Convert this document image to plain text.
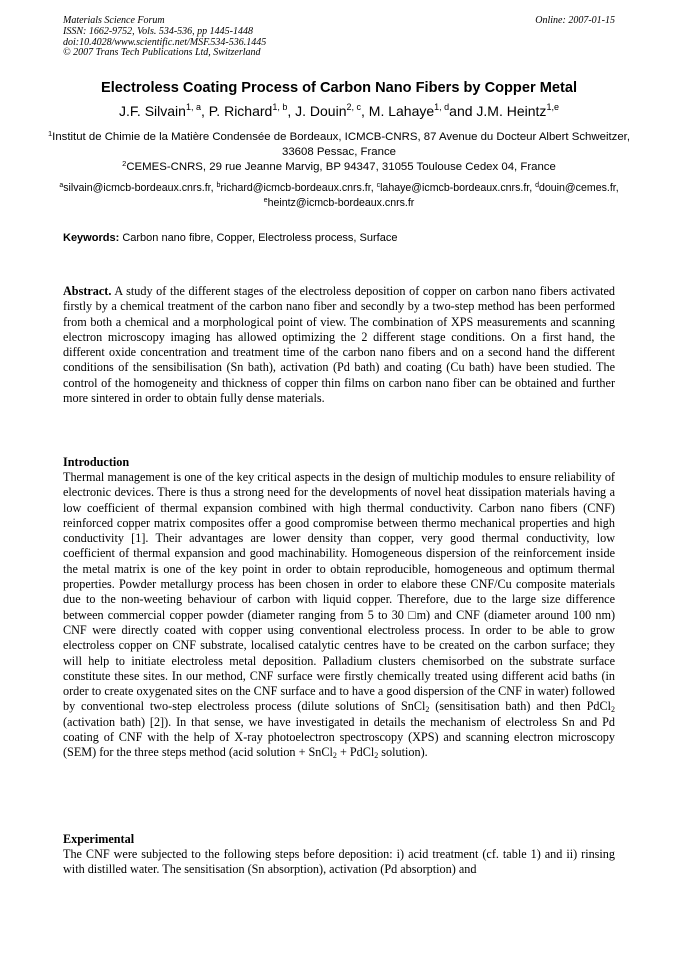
Materials Science Forum
ISSN: 1662-9752, Vols. 534-536, pp 1445-1448
doi:10.4028/www.scientific.net/MSF.534-536.1445
© 2007 Trans Tech Publications Ltd, Switzerland
Online: 2007-01-15
Electroless Coating Process of Carbon Nano Fibers by Copper Metal
J.F. Silvain$^{1, a}$, P. Richard$^{1, b}$, J. Douin$^{2, c}$, M. Lahaye$^{1, d}$and J.M. Heintz$^{1,e}$
$^1$Institut de Chimie de la Matière Condensée de Bordeaux, ICMCB-CNRS, 87 Avenue du Docteur Albert Schweitzer, 33608 Pessac, France
$^2$CEMES-CNRS, 29 rue Jeanne Marvig, BP 94347, 31055 Toulouse Cedex 04, France
$^a$silvain@icmcb-bordeaux.cnrs.fr, $^b$richard@icmcb-bordeaux.cnrs.fr, $^c$lahaye@icmcb-bordeaux.cnrs.fr, $^d$douin@cemes.fr, $^e$heintz@icmcb-bordeaux.cnrs.fr
Keywords: Carbon nano fibre, Copper, Electroless process, Surface
Abstract. A study of the different stages of the electroless deposition of copper on carbon nano fibers activated firstly by a chemical treatment of the carbon nano fiber and secondly by a two-step method has been performed from both a chemical and a morphological point of view. The combination of XPS measurements and scanning electron microscopy imaging has allowed optimizing the 2 different stage conditions. On a first hand, the different oxide concentration and treatment time of the carbon nano fibers and on a second hand the different conditions of the sensibilisation (Sn bath), activation (Pd bath) and coating (Cu bath) have been studied. The control of the homogeneity and thickness of copper thin films on carbon nano fiber can be obtained and further more sintered in order to obtain fully dense materials.
Introduction
Thermal management is one of the key critical aspects in the design of multichip modules to ensure reliability of electronic devices. There is thus a strong need for the developments of novel heat dissipation materials having a low coefficient of thermal expansion combined with high thermal conductivity. Carbon nano fibers (CNF) reinforced copper matrix composites offer a good compromise between thermo mechanical properties and high conductivity [1]. Their advantages are lower density than copper, very good thermal conductivity, low coefficient of thermal expansion and good machinability. Homogeneous dispersion of the reinforcement inside the metal matrix is one of the key point in order to obtain reproducible, homogeneous and optimum thermal properties. Powder metallurgy process has been chosen in order to elabore these CNF/Cu composite materials due to the non-weeting behaviour of carbon with liquid copper. Therefore, due to the large size difference between commercial copper powder (diameter ranging from 5 to 30 □m) and CNF (diameter around 100 nm) CNF were directly coated with copper using conventional electroless process. In order to be able to grow electroless copper on CNF substrate, localised catalytic centres have to be created on the carbon surface; they will help to initiate electroless metal deposition. Palladium clusters chemisorbed on the substrate surface constitute these sites. In our method, CNF surface were firstly chemically treated using different acid baths (in order to create oxygenated sites on the CNF surface and to have a good dispersion of the CNF in water) followed by conventional two-step electroless process (dilute solutions of SnCl$_2$ (sensitisation bath) and then PdCl$_2$ (activation bath) [2]). In that sense, we have investigated in details the mechanism of electroless Sn and Pd coating of CNF with the help of X-ray photoelectron spectroscopy (XPS) and scanning electron microscopy (SEM) for the three steps method (acid solution + SnCl$_2$ + PdCl$_2$ solution).
Experimental
The CNF were subjected to the following steps before deposition: i) acid treatment (cf. table 1) and ii) rinsing with distilled water. The sensitisation (Sn absorption), activation (Pd absorption) and
